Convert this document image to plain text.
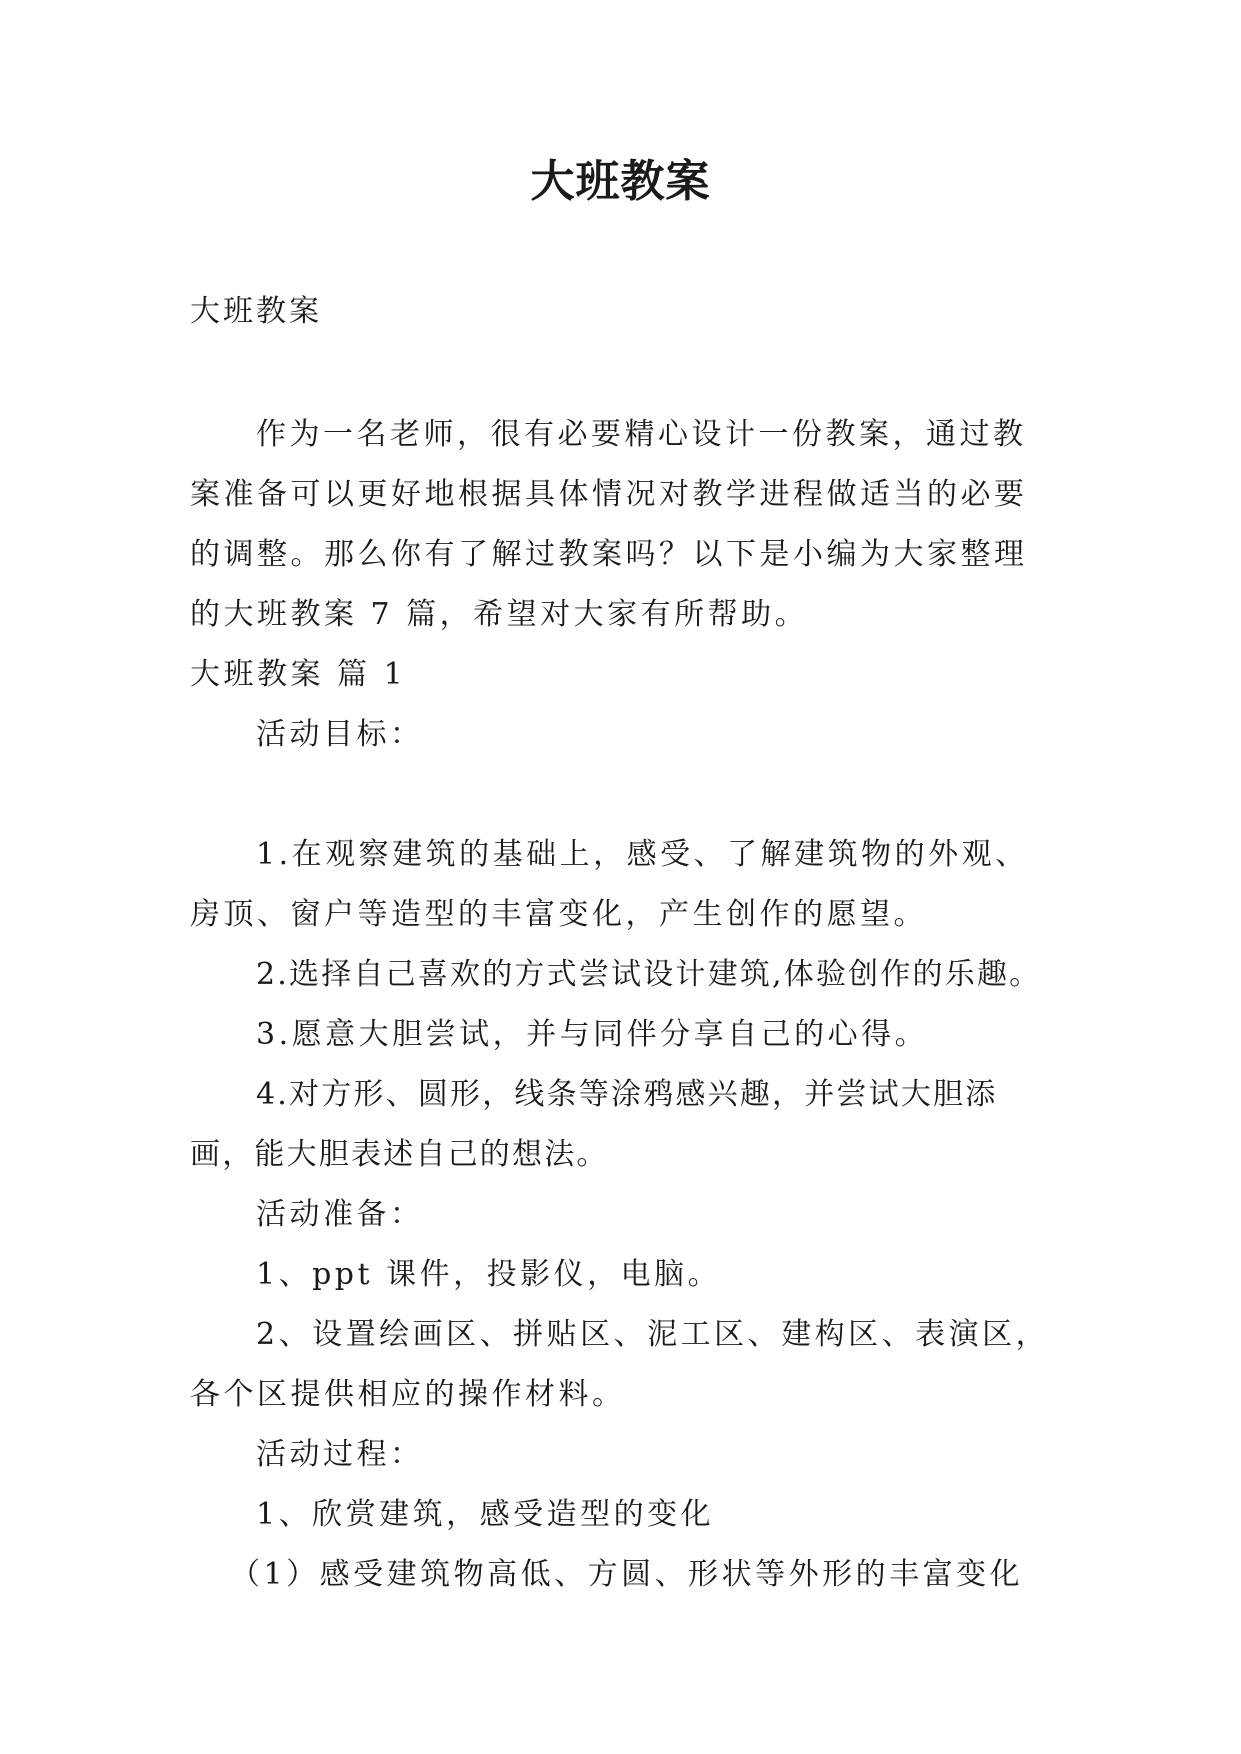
大班教案
大班教案

作为一名老师，很有必要精心设计一份教案，通过教案准备可以更好地根据具体情况对教学进程做适当的必要的调整。那么你有了解过教案吗？以下是小编为大家整理的大班教案 7 篇，希望对大家有所帮助。

大班教案 篇 1

活动目标：

1.在观察建筑的基础上，感受、了解建筑物的外观、房顶、窗户等造型的丰富变化，产生创作的愿望。

2.选择自己喜欢的方式尝试设计建筑,体验创作的乐趣。

3.愿意大胆尝试，并与同伴分享自己的心得。

4.对方形、圆形，线条等涂鸦感兴趣，并尝试大胆添画，能大胆表述自己的想法。

活动准备：

1、ppt 课件，投影仪，电脑。

2、设置绘画区、拼贴区、泥工区、建构区、表演区，各个区提供相应的操作材料。

活动过程：

1、欣赏建筑，感受造型的变化

（1）感受建筑物高低、方圆、形状等外形的丰富变化
